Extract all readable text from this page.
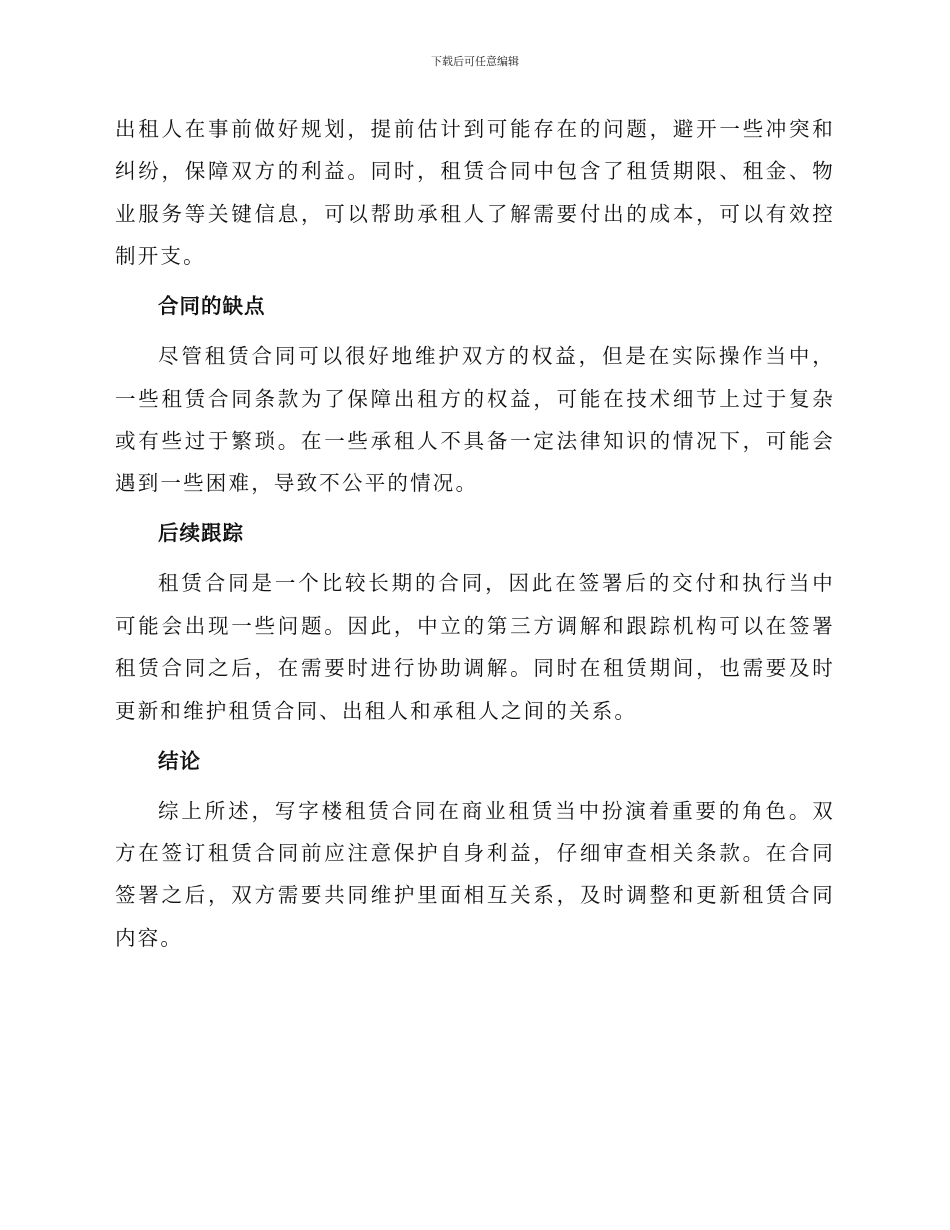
下载后可任意编辑

出租人在事前做好规划，提前估计到可能存在的问题，避开一些冲突和纠纷，保障双方的利益。同时，租赁合同中包含了租赁期限、租金、物业服务等关键信息，可以帮助承租人了解需要付出的成本，可以有效控制开支。

合同的缺点

尽管租赁合同可以很好地维护双方的权益，但是在实际操作当中，一些租赁合同条款为了保障出租方的权益，可能在技术细节上过于复杂或有些过于繁琐。在一些承租人不具备一定法律知识的情况下，可能会遇到一些困难，导致不公平的情况。

后续跟踪

租赁合同是一个比较长期的合同，因此在签署后的交付和执行当中可能会出现一些问题。因此，中立的第三方调解和跟踪机构可以在签署租赁合同之后，在需要时进行协助调解。同时在租赁期间，也需要及时更新和维护租赁合同、出租人和承租人之间的关系。

结论

综上所述，写字楼租赁合同在商业租赁当中扮演着重要的角色。双方在签订租赁合同前应注意保护自身利益，仔细审查相关条款。在合同签署之后，双方需要共同维护里面相互关系，及时调整和更新租赁合同内容。
